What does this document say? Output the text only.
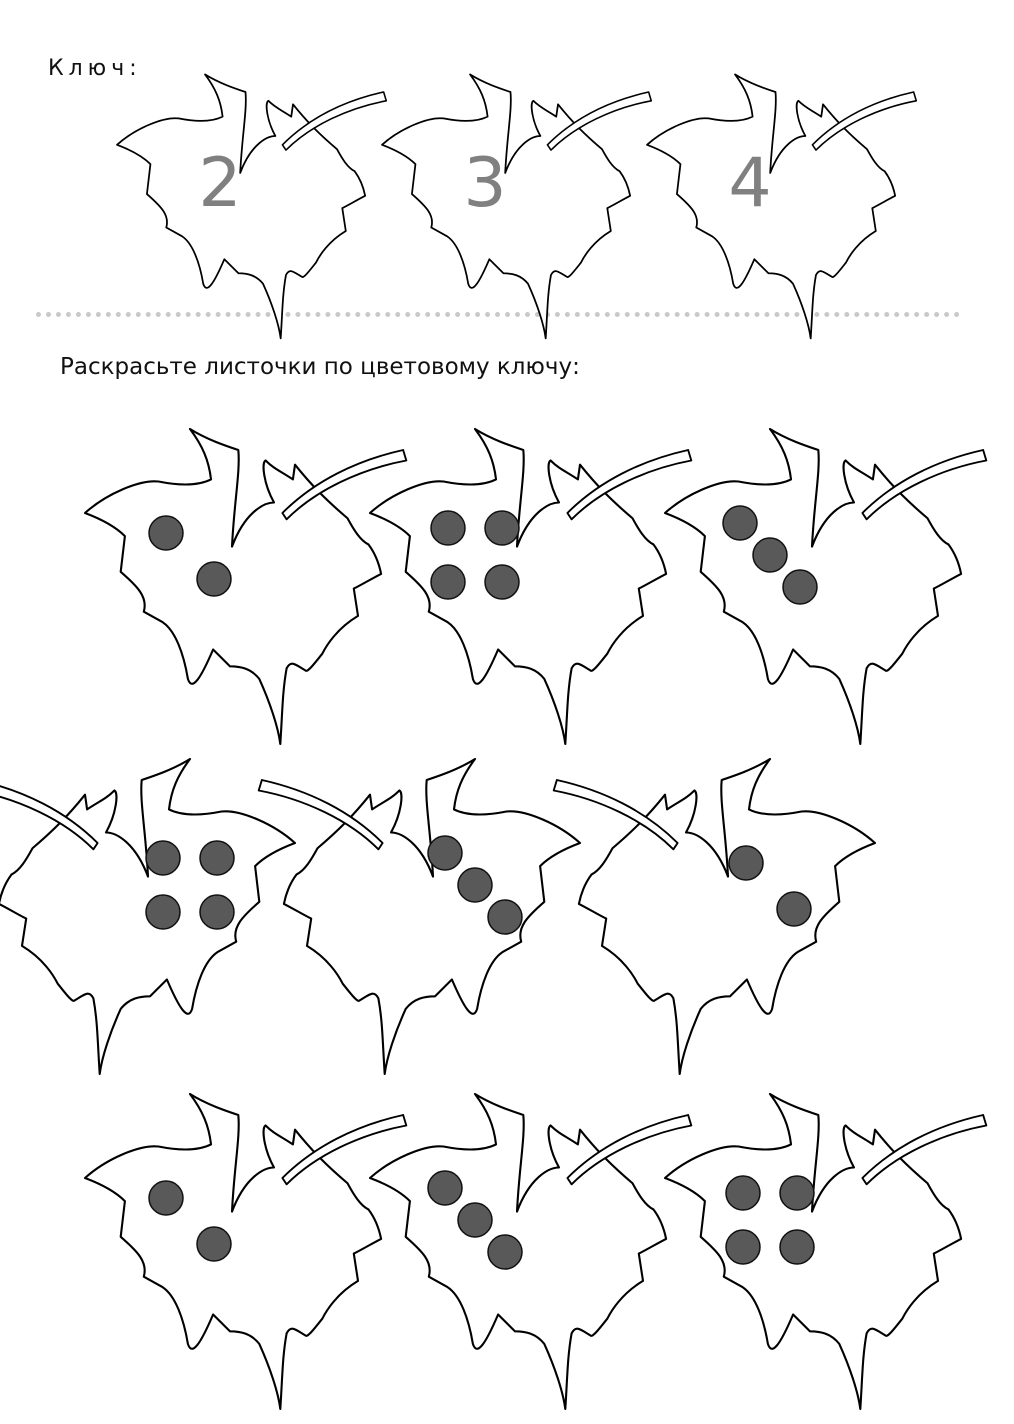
Ключ:
Раскрасьте листочки по цветовому ключу:
2	3	4
